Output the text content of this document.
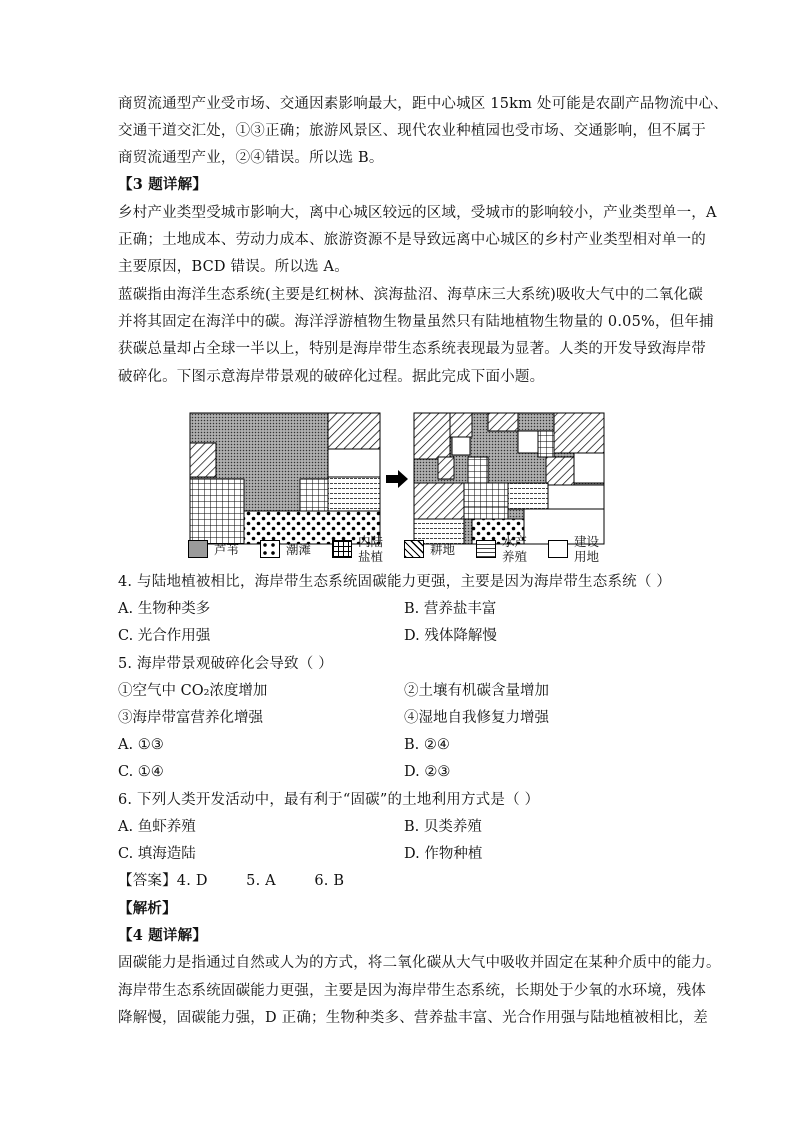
商贸流通型产业受市场、交通因素影响最大，距中心城区 15km 处可能是农副产品物流中心、
交通干道交汇处，①③正确；旅游风景区、现代农业种植园也受市场、交通影响，但不属于
商贸流通型产业，②④错误。所以选 B。
【3 题详解】
乡村产业类型受城市影响大，离中心城区较远的区域，受城市的影响较小，产业类型单一，A
正确；土地成本、劳动力成本、旅游资源不是导致远离中心城区的乡村产业类型相对单一的
主要原因，BCD 错误。所以选 A。
蓝碳指由海洋生态系统(主要是红树林、滨海盐沼、海草床三大系统)吸收大气中的二氧化碳
并将其固定在海洋中的碳。海洋浮游植物生物量虽然只有陆地植物生物量的 0.05%，但年捕
获碳总量却占全球一半以上，特别是海岸带生态系统表现最为显著。人类的开发导致海岸带
破碎化。下图示意海岸带景观的破碎化过程。据此完成下面小题。
芦苇	潮滩	内陆
盐植	耕地	水产
养殖
建设
用地
4. 与陆地植被相比，海岸带生态系统固碳能力更强，主要是因为海岸带生态系统（ ）
A. 生物种类多	B. 营养盐丰富
C. 光合作用强	D. 残体降解慢
5. 海岸带景观破碎化会导致（ ）
①空气中 CO₂浓度增加	②土壤有机碳含量增加
③海岸带富营养化增强	④湿地自我修复力增强
A. ①③	B. ②④
C. ①④	D. ②③
6. 下列人类开发活动中，最有利于“固碳”的土地利用方式是（ ）
A. 鱼虾养殖	B. 贝类养殖
C. 填海造陆	D. 作物种植
【答案】4. D        5. A        6. B
【解析】
【4 题详解】
固碳能力是指通过自然或人为的方式，将二氧化碳从大气中吸收并固定在某种介质中的能力。
海岸带生态系统固碳能力更强，主要是因为海岸带生态系统，长期处于少氧的水环境，残体
降解慢，固碳能力强，D 正确；生物种类多、营养盐丰富、光合作用强与陆地植被相比，差
